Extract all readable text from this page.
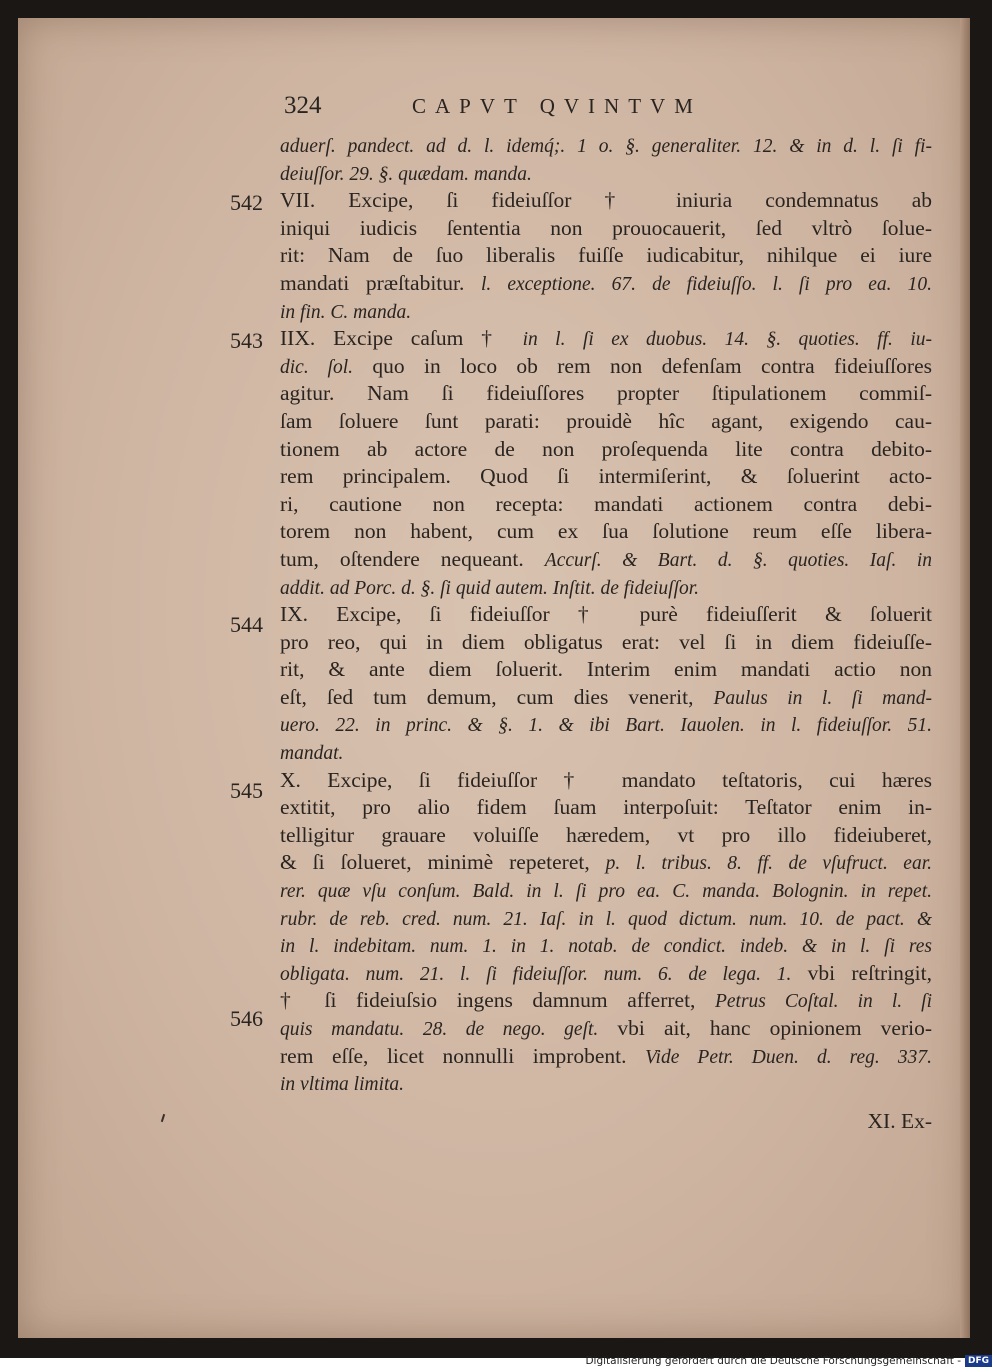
324	CAPVT QVINTVM
542
543
544
545
546
aduerſ. pandect. ad d. l. idemq́;. 1 o. §. generaliter. 12. & in d. l. ſi fi-
deiuſſor. 29. §. quædam. manda.
VII. Excipe, ſi fideiuſſor † iniuria condemnatus ab
iniqui iudicis ſententia non prouocauerit, ſed vltrò ſolue-
rit: Nam de ſuo liberalis fuiſſe iudicabitur, nihilque ei iure
mandati præſtabitur. l. exceptione. 67. de fideiuſſo. l. ſi pro ea. 10.
in fin. C. manda.
IIX. Excipe caſum † in l. ſi ex duobus. 14. §. quoties. ff. iu-
dic. ſol. quo in loco ob rem non defenſam contra fideiuſſores
agitur. Nam ſi fideiuſſores propter ſtipulationem commiſ-
ſam ſoluere ſunt parati: prouidè hîc agant, exigendo cau-
tionem ab actore de non proſequenda lite contra debito-
rem principalem. Quod ſi intermiſerint, & ſoluerint acto-
ri, cautione non recepta: mandati actionem contra debi-
torem non habent, cum ex ſua ſolutione reum eſſe libera-
tum, oſtendere nequeant. Accurſ. & Bart. d. §. quoties. Iaſ. in
addit. ad Porc. d. §. ſi quid autem. Inſtit. de fideiuſſor.
IX. Excipe, ſi fideiuſſor † purè fideiuſſerit & ſoluerit
pro reo, qui in diem obligatus erat: vel ſi in diem fideiuſſe-
rit, & ante diem ſoluerit. Interim enim mandati actio non
eſt, ſed tum demum, cum dies venerit, Paulus in l. ſi mand-
uero. 22. in princ. & §. 1. & ibi Bart. Iauolen. in l. fideiuſſor. 51.
mandat.
X. Excipe, ſi fideiuſſor † mandato teſtatoris, cui hæres
extitit, pro alio fidem ſuam interpoſuit: Teſtator enim in-
telligitur grauare voluiſſe hæredem, vt pro illo fideiuberet,
& ſi ſolueret, minimè repeteret, p. l. tribus. 8. ff. de vſufruct. ear.
rer. quæ vſu conſum. Bald. in l. ſi pro ea. C. manda. Bolognin. in repet.
rubr. de reb. cred. num. 21. Iaſ. in l. quod dictum. num. 10. de pact. &
in l. indebitam. num. 1. in 1. notab. de condict. indeb. & in l. ſi res
obligata. num. 21. l. ſi fideiuſſor. num. 6. de lega. 1. vbi reſtringit,
† ſi fideiuſsio ingens damnum afferret, Petrus Coſtal. in l. ſi
quis mandatu. 28. de nego. geſt. vbi ait, hanc opinionem verio-
rem eſſe, licet nonnulli improbent. Vide Petr. Duen. d. reg. 337.
in vltima limita.
XI. Ex-
Digitalisierung gefördert durch die Deutsche Forschungsgemeinschaft - DFG
